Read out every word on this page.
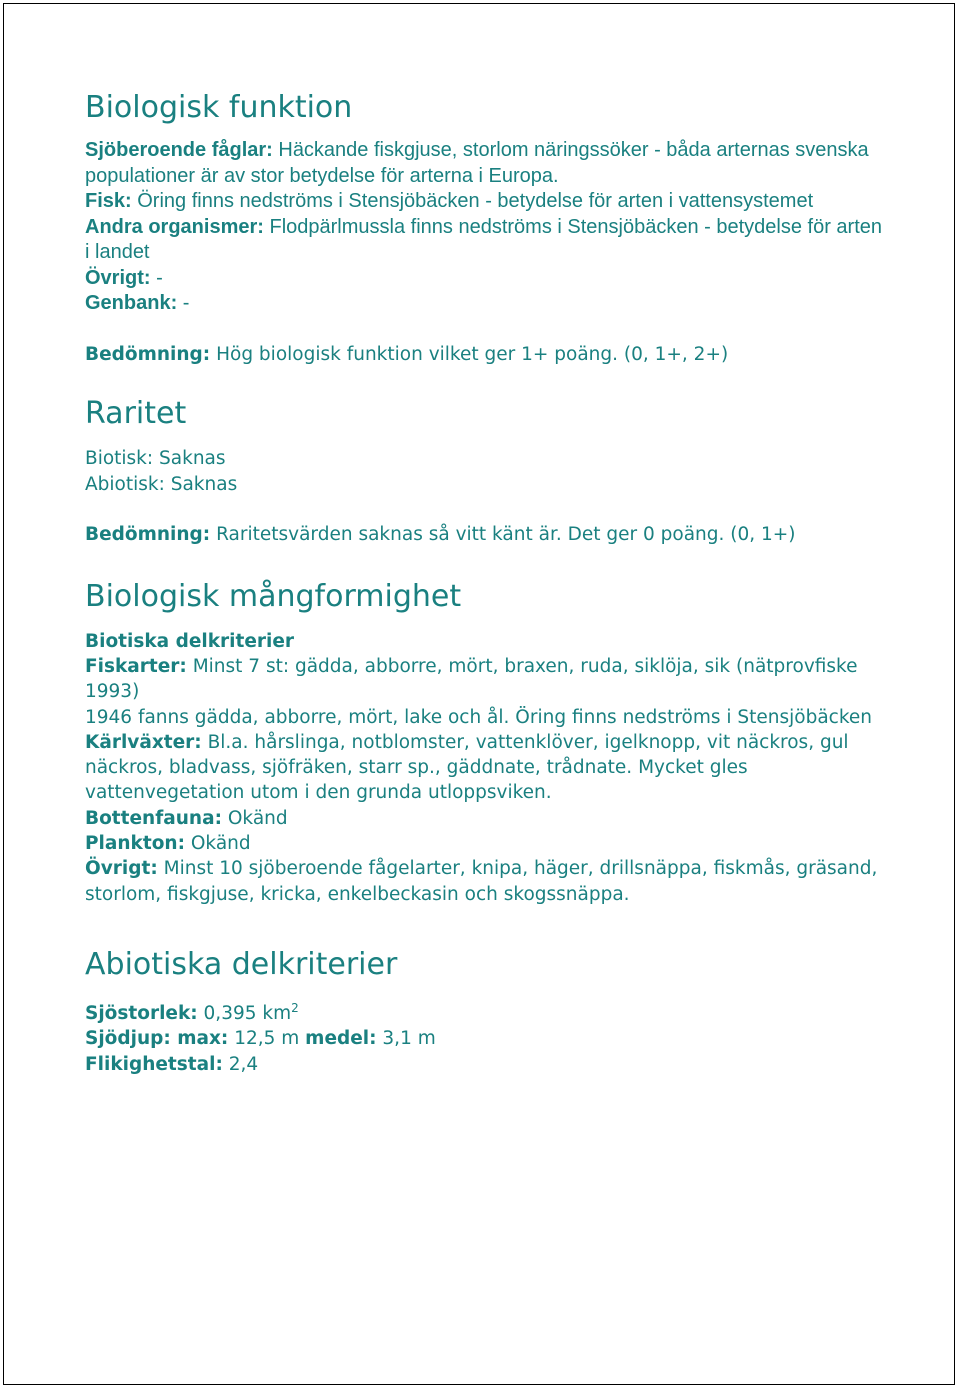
Biologisk funktion

Sjöberoende fåglar: Häckande fiskgjuse, storlom näringssöker - båda arternas svenska populationer är av stor betydelse för arterna i Europa.

Fisk: Öring finns nedströms i Stensjöbäcken - betydelse för arten i vattensystemet

Andra organismer: Flodpärlmussla finns nedströms i Stensjöbäcken - betydelse för arten i landet

Övrigt: -

Genbank: -

Bedömning: Hög biologisk funktion vilket ger 1+ poäng. (0, 1+, 2+)

Raritet

Biotisk: Saknas

Abiotisk: Saknas

Bedömning: Raritetsvärden saknas så vitt känt är. Det ger 0 poäng. (0, 1+)

Biologisk mångformighet

Biotiska delkriterier

Fiskarter: Minst 7 st: gädda, abborre, mört, braxen, ruda, siklöja, sik (nätprovfiske 1993)

1946 fanns gädda, abborre, mört, lake och ål. Öring finns nedströms i Stensjöbäcken

Kärlväxter: Bl.a. hårslinga, notblomster, vattenklöver, igelknopp, vit näckros, gul näckros, bladvass, sjöfräken, starr sp., gäddnate, trådnate. Mycket gles vattenvegetation utom i den grunda utloppsviken.

Bottenfauna: Okänd

Plankton: Okänd

Övrigt: Minst 10 sjöberoende fågelarter, knipa, häger, drillsnäppa, fiskmås, gräsand, storlom, fiskgjuse, kricka, enkelbeckasin och skogssnäppa.

Abiotiska delkriterier

Sjöstorlek: 0,395 $km^2$

Sjödjup: max: 12,5 m medel: 3,1 m

Flikighetstal: 2,4
